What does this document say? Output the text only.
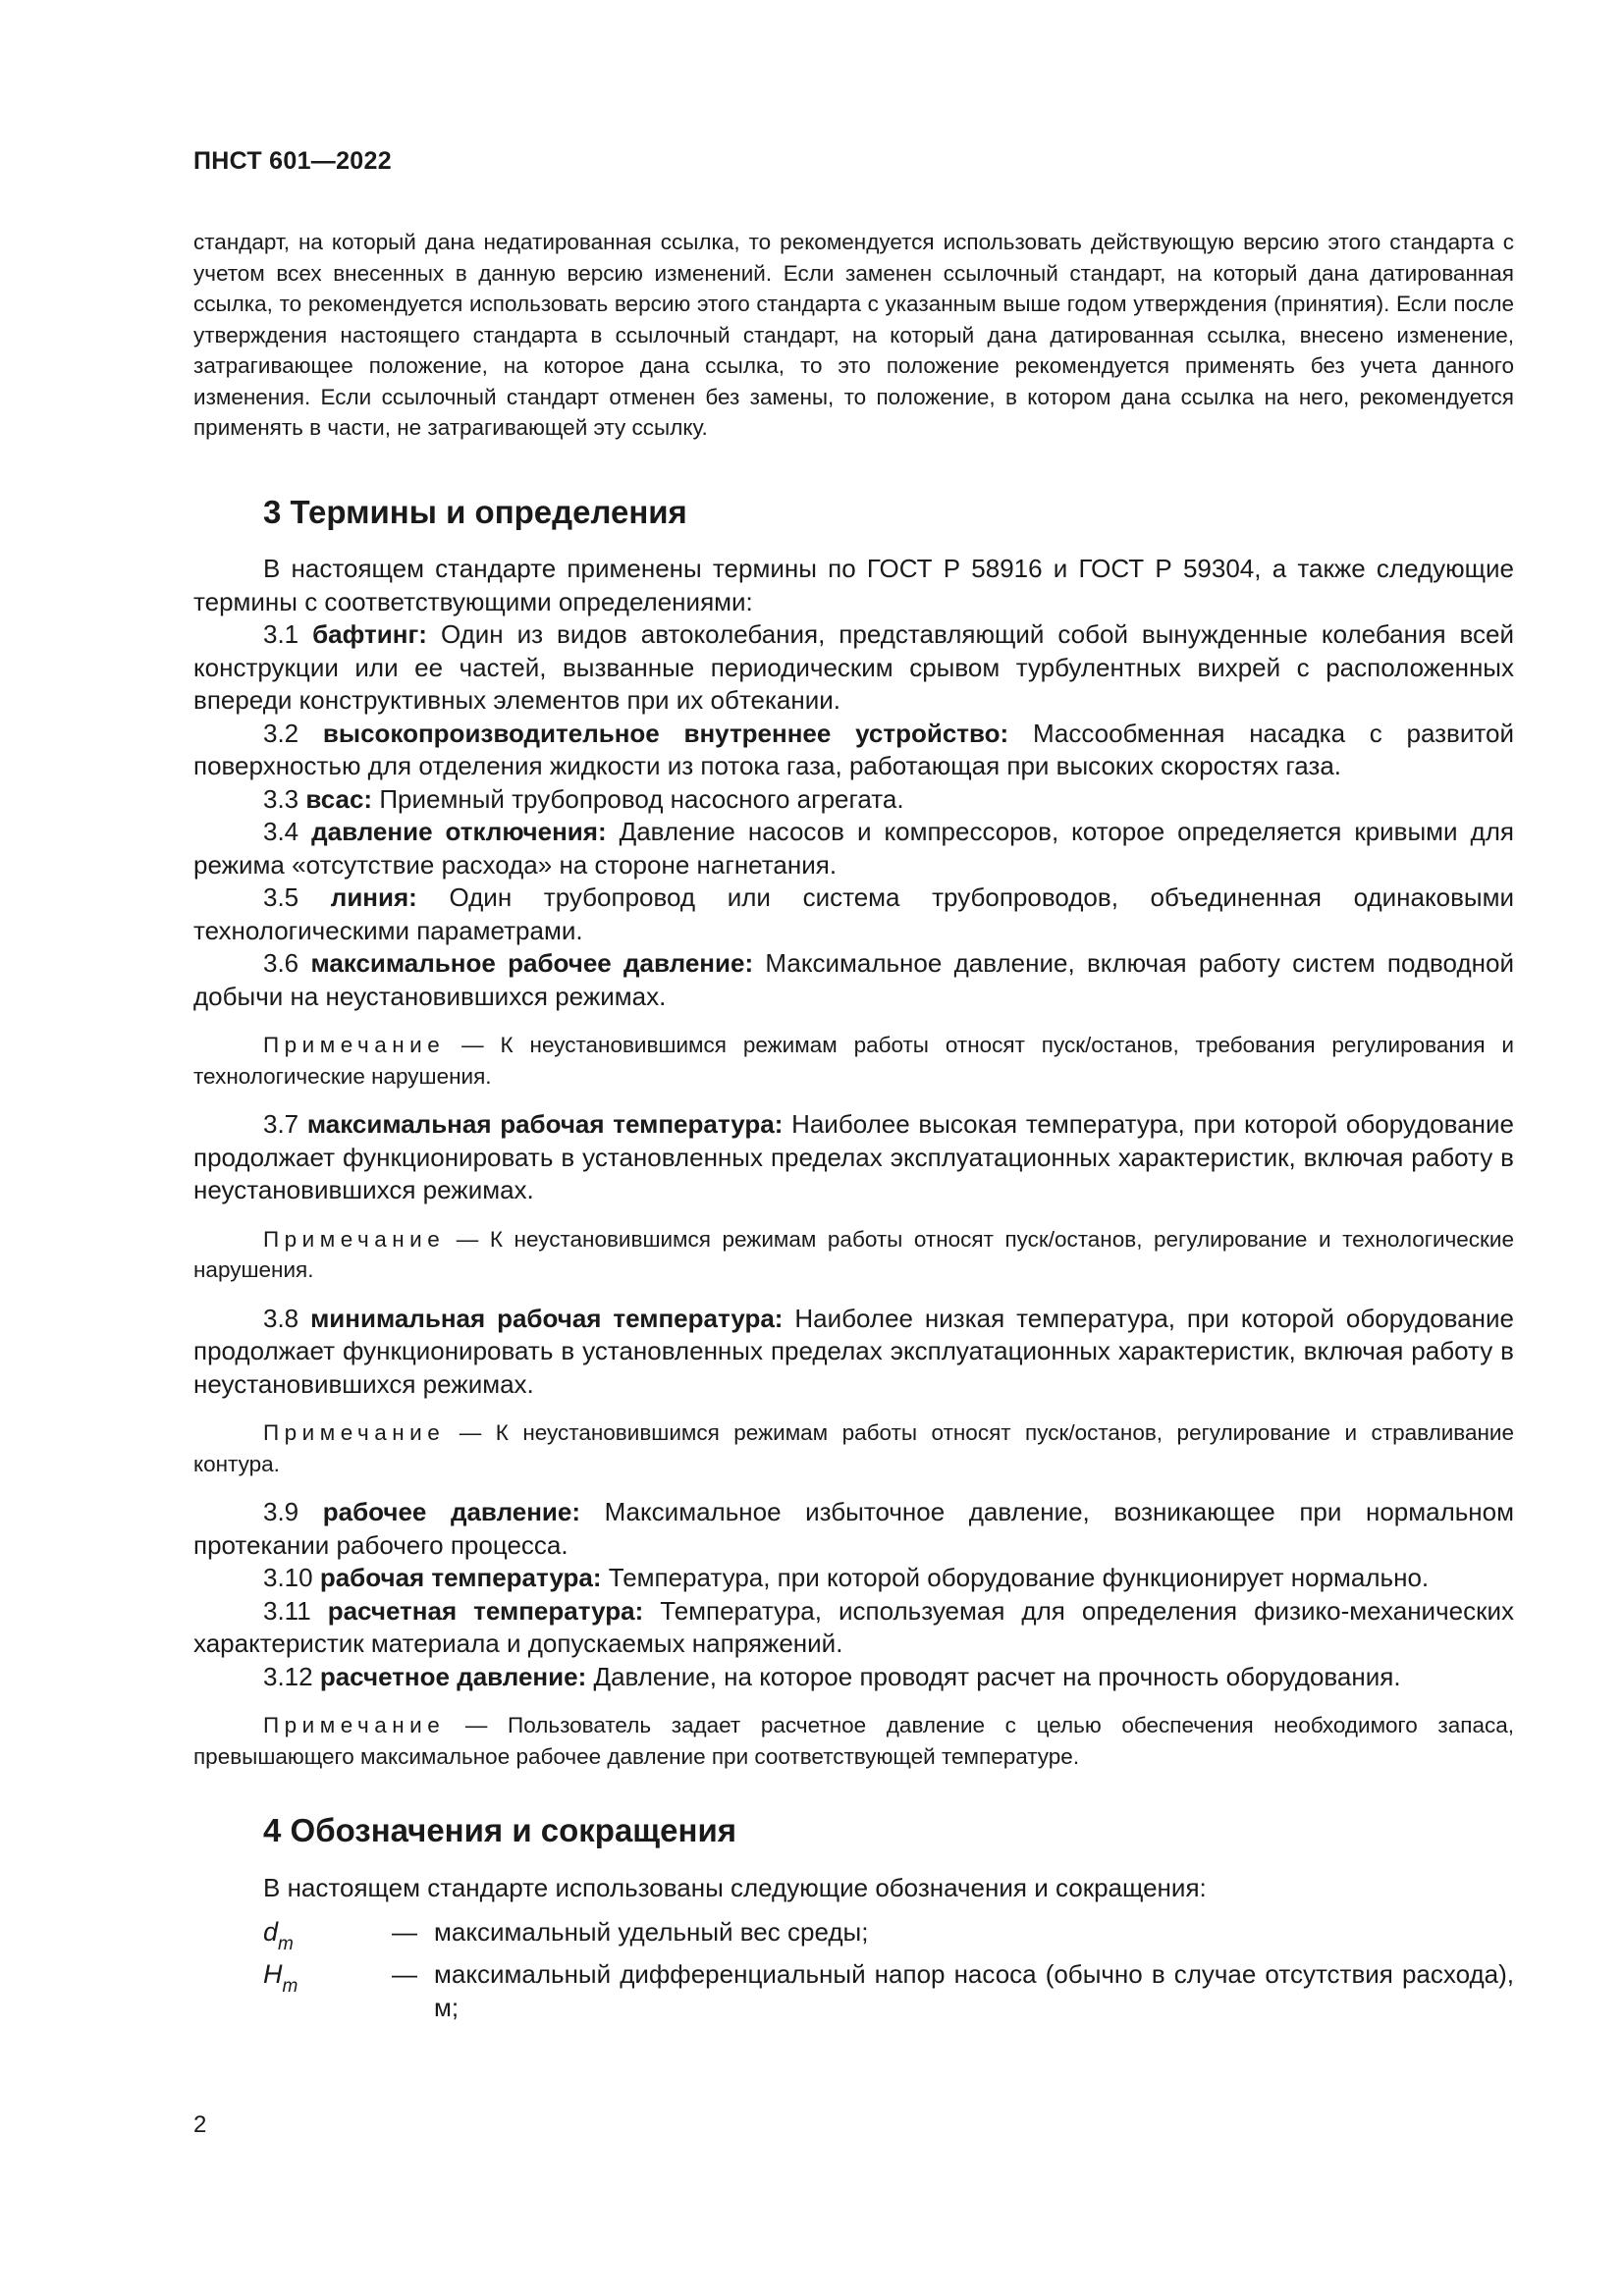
ПНСТ 601—2022

стандарт, на который дана недатированная ссылка, то рекомендуется использовать действующую версию этого стандарта с учетом всех внесенных в данную версию изменений. Если заменен ссылочный стандарт, на который дана датированная ссылка, то рекомендуется использовать версию этого стандарта с указанным выше годом утверждения (принятия). Если после утверждения настоящего стандарта в ссылочный стандарт, на который дана датированная ссылка, внесено изменение, затрагивающее положение, на которое дана ссылка, то это положение рекомендуется применять без учета данного изменения. Если ссылочный стандарт отменен без замены, то положение, в котором дана ссылка на него, рекомендуется применять в части, не затрагивающей эту ссылку.

3 Термины и определения

В настоящем стандарте применены термины по ГОСТ Р 58916 и ГОСТ Р 59304, а также следующие термины с соответствующими определениями:

3.1 бафтинг: Один из видов автоколебания, представляющий собой вынужденные колебания всей конструкции или ее частей, вызванные периодическим срывом турбулентных вихрей с расположенных впереди конструктивных элементов при их обтекании.

3.2 высокопроизводительное внутреннее устройство: Массообменная насадка с развитой поверхностью для отделения жидкости из потока газа, работающая при высоких скоростях газа.

3.3 всас: Приемный трубопровод насосного агрегата.

3.4 давление отключения: Давление насосов и компрессоров, которое определяется кривыми для режима «отсутствие расхода» на стороне нагнетания.

3.5 линия: Один трубопровод или система трубопроводов, объединенная одинаковыми технологическими параметрами.

3.6 максимальное рабочее давление: Максимальное давление, включая работу систем подводной добычи на неустановившихся режимах.

Примечание — К неустановившимся режимам работы относят пуск/останов, требования регулирования и технологические нарушения.

3.7 максимальная рабочая температура: Наиболее высокая температура, при которой оборудование продолжает функционировать в установленных пределах эксплуатационных характеристик, включая работу в неустановившихся режимах.

Примечание — К неустановившимся режимам работы относят пуск/останов, регулирование и технологические нарушения.

3.8 минимальная рабочая температура: Наиболее низкая температура, при которой оборудование продолжает функционировать в установленных пределах эксплуатационных характеристик, включая работу в неустановившихся режимах.

Примечание — К неустановившимся режимам работы относят пуск/останов, регулирование и стравливание контура.

3.9 рабочее давление: Максимальное избыточное давление, возникающее при нормальном протекании рабочего процесса.

3.10 рабочая температура: Температура, при которой оборудование функционирует нормально.

3.11 расчетная температура: Температура, используемая для определения физико-механических характеристик материала и допускаемых напряжений.

3.12 расчетное давление: Давление, на которое проводят расчет на прочность оборудования.

Примечание — Пользователь задает расчетное давление с целью обеспечения необходимого запаса, превышающего максимальное рабочее давление при соответствующей температуре.

4 Обозначения и сокращения

В настоящем стандарте использованы следующие обозначения и сокращения:

$d_m$	— максимальный удельный вес среды;
$H_m$	— максимальный дифференциальный напор насоса (обычно в случае отсутствия расхода), м;
2
